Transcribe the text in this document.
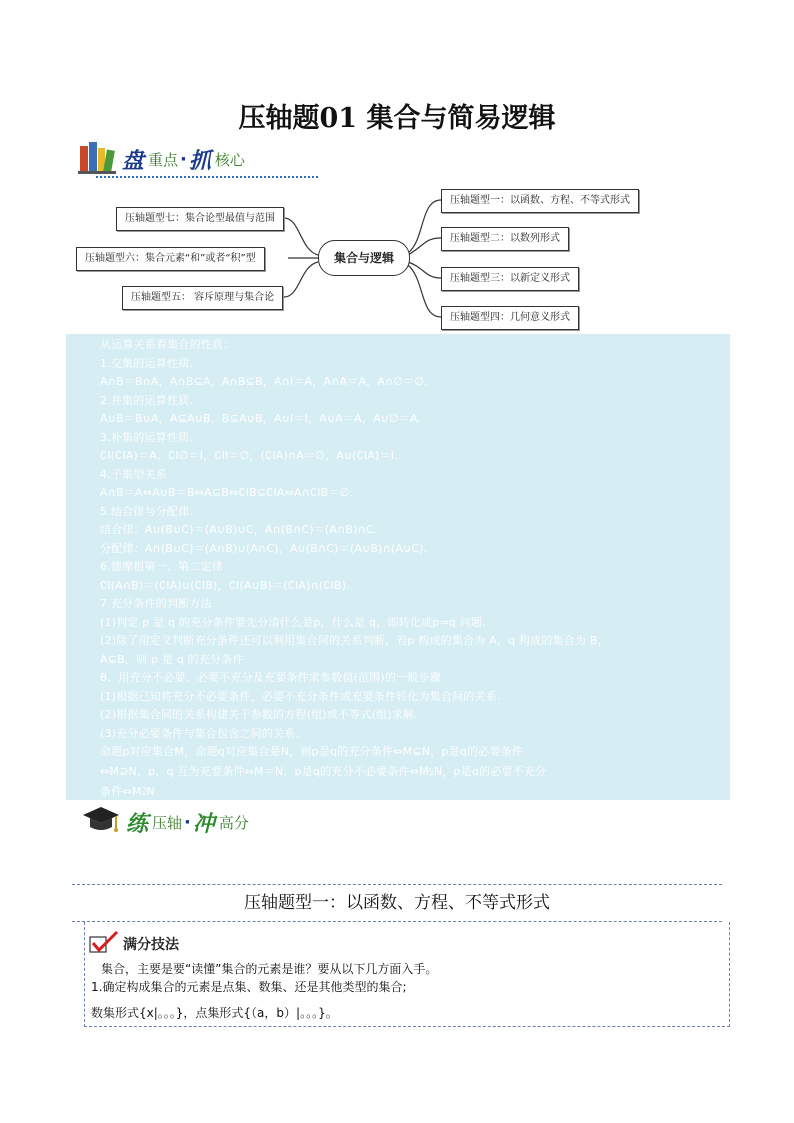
压轴题01 集合与简易逻辑
盘 重点 · 抓 核心
集合与逻辑
压轴题型七：集合论型最值与范围
压轴题型六：集合元素“和”或者“积”型
压轴题型五： 容斥原理与集合论
压轴题型一：以函数、方程、不等式形式
压轴题型二：以数列形式
压轴题型三：以新定义形式
压轴题型四：几何意义形式
从运算关系看集合的性质：
1.交集的运算性质.
A∩B＝B∩A，A∩B⊆A，A∩B⊆B，A∩I＝A，A∩A＝A，A∩∅＝∅.
2.并集的运算性质.
A∪B＝B∪A，A⊆A∪B，B⊆A∪B，A∪I＝I，A∪A＝A，A∪∅＝A.
3.补集的运算性质.
∁I(∁IA)＝A，∁I∅＝I，∁II＝∅，(∁IA)∩A＝∅，A∪(∁IA)＝I.
4.子集型关系
A∩B＝A⇔A∪B＝B⇔A⊆B⇔∁IB⊆∁IA⇔A∩∁IB＝∅.
5.结合律与分配律.
结合律：A∪(B∪C)＝(A∪B)∪C，A∩(B∩C)＝(A∩B)∩C.
分配律：A∩(B∪C)＝(A∩B)∪(A∩C)，A∪(B∩C)＝(A∪B)∩(A∪C).
6.德摩根第一、第二定律
∁I(A∩B)＝(∁IA)∪(∁IB)，∁I(A∪B)＝(∁IA)∩(∁IB).
7.充分条件的判断方法
(1)判定 p 是 q 的充分条件要先分清什么是p，什么是 q，即转化成p⇒q 问题.
(2)除了用定义判断充分条件还可以利用集合间的关系判断，若p 构成的集合为 A，q 构成的集合为 B，
A⊆B，则 p 是 q 的充分条件
8．用充分不必要、必要不充分及充要条件求参数值(范围)的一般步骤
(1)根据已知将充分不必要条件，必要不充分条件或充要条件转化为集合间的关系.
(2)根据集合间的关系构建关于参数的方程(组)或不等式(组)求解.
(3)充分必要条件与集合包含之间的关系.
命题p对应集合M，命题q对应集合是N，则p是q的充分条件⇔M⊆N，p是q的必要条件
⇔M⊇N，p，q 互为充要条件⇔M＝N，p是q的充分不必要条件⇔M⫋N，p是q的必要不充分
条件⇔M⫌N
练 压轴 · 冲 高分
压轴题型一：以函数、方程、不等式形式
满分技法
集合，主要是要“读懂”集合的元素是谁？要从以下几方面入手。
1.确定构成集合的元素是点集、数集、还是其他类型的集合;
数集形式{x|。。。}，点集形式{（a，b）|。。。}。
